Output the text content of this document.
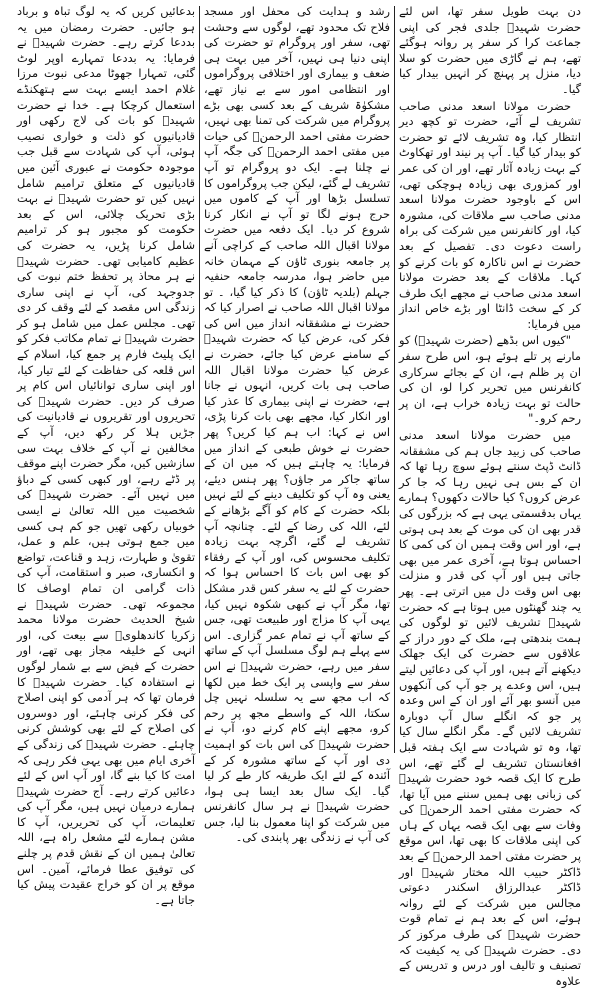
دن بہت طویل سفر تھا، اس لئے حضرت شہیدؒ جلدی فجر کی اپنی جماعت کرا کر سفر پر روانہ ہوگئے تھے، ہم نے گاڑی میں حضرت کو سلا دیا، منزل پر پہنچ کر انہیں بیدار کیا گیا۔

حضرت مولانا اسعد مدنی صاحب تشریف لے آئے، حضرت تو کچھ دیر انتظار کیا، وہ تشریف لائے تو حضرت کو بیدار کیا گیا۔ آپ پر نیند اور تھکاوٹ کے بہت زیادہ آثار تھے، اور ان کی عمر اور کمزوری بھی زیادہ ہوچکی تھی، اس کے باوجود حضرت مولانا اسعد مدنی صاحب سے ملاقات کی، مشورہ کیا، اور کانفرنس میں شرکت کی براہ راست دعوت دی۔ تفصیل کے بعد حضرت نے اس ناکارہ کو بات کرنے کو کہا۔ ملاقات کے بعد حضرت مولانا اسعد مدنی صاحب نے مجھے ایک طرف کر کے سخت ڈانٹا اور بڑے خاص انداز میں فرمایا:

"کیوں اس بڈھے (حضرت شہیدؒ) کو مارنے پر تلے ہوئے ہو، اس طرح سفر ان پر ظلم ہے، ان کے بجائے سرکاری کانفرنس میں تحریر کرا لو، ان کی حالت تو بہت زیادہ خراب ہے، ان پر رحم کرو۔"

میں حضرت مولانا اسعد مدنی صاحب کی زبید جاں ہم کی مشفقانہ ڈانٹ ڈپٹ سنتے ہوئے سوچ رہا تھا کہ ان کے بس ہی نہیں رہا کہ جا کر عرض کروں؟ کیا حالات دکھوں؟ ہمارے یہاں بدقسمتی یہی ہے کہ بزرگوں کی قدر بھی ان کی موت کے بعد ہی ہوتی ہے، اور اس وقت ہمیں ان کی کمی کا احساس ہوتا ہے، آخری عمر میں بھی جاتی ہیں اور آپ کی قدر و منزلت بھی اس وقت دل میں اترتی ہے۔ پھر یہ چند گھنٹوں میں ہوتا ہے کہ حضرت شہیدؒ تشریف لائیں تو لوگوں کی ہمت بندھتی ہے، ملک کے دور دراز کے علاقوں سے حضرت کی ایک جھلک دیکھنے آتے ہیں، اور آپ کی دعائیں لیتے ہیں، اس وعدے پر جو آپ کی آنکھوں میں آنسو بھر آئے اور ان کے اس وعدہ پر جو کہ انگلے سال آپ دوبارہ تشریف لائیں گے۔ مگر انگلے سال کیا تھا، وہ تو شہادت سے ایک ہفتہ قبل افغانستان تشریف لے گئے تھے، اس طرح کا ایک قصہ خود حضرت شہیدؒ کی زبانی بھی ہمیں سننے میں آیا تھا، کہ حضرت مفتی احمد الرحمنؒ کی وفات سے بھی ایک قصہ یہاں کے ہاں کی اپنی ملاقات کا بھی تھا، اس موقع پر حضرت مفتی احمد الرحمنؒ کے بعد ڈاکٹر حبیب اللہ مختار شہیدؒ اور ڈاکٹر عبدالرزاق اسکندر دعوتی مجالس میں شرکت کے لئے روانہ ہوئے، اس کے بعد ہم نے تمام قوت حضرت شہیدؒ کی طرف مرکوز کر دی۔ حضرت شہیدؒ کی یہ کیفیت کہ تصنیف و تالیف اور درس و تدریس کے علاوہ

رشد و ہدایت کی محفل اور مسجد فلاح تک محدود تھے، لوگوں سے وحشت تھی، سفر اور پروگرام تو حضرت کی اپنی دنیا ہی نہیں، آخر میں بہت ہی ضعف و بیماری اور اختلافی پروگراموں اور انتظامی امور سے بے نیاز تھے، مشکوٰۃ شریف کے بعد کسی بھی بڑے پروگرام میں شرکت کی تمنا بھی نہیں، حضرت مفتی احمد الرحمنؒ کی حیات میں مفتی احمد الرحمنؒ کی جگہ آپ نے چلنا ہے۔ ایک دو پروگرام تو آپ تشریف لے گئے، لیکن جب پروگراموں کا تسلسل بڑھا اور آپ کے کاموں میں حرج ہونے لگا تو آپ نے انکار کرنا شروع کر دیا۔ ایک دفعہ میں حضرت مولانا اقبال اللہ صاحب کے کراچی آنے پر جامعہ بنوری ٹاؤن کے مہمان خانہ میں حاضر ہوا، مدرسہ جامعہ حنفیہ جہلم (بلدیہ ٹاؤن) کا ذکر کیا گیا، ۔ تو مولانا اقبال اللہ صاحب نے اصرار کیا کہ حضرت نے مشفقانہ انداز میں اس کی فکر کی، عرض کیا کہ حضرت شہیدؒ کے سامنے عرض کیا جائے، حضرت نے عرض کیا حضرت مولانا اقبال اللہ صاحب ہی بات کریں، انہوں نے جانا ہے، حضرت نے اپنی بیماری کا عذر کیا اور انکار کیا، مجھے بھی بات کرنا پڑی، اس نے کہا: اب ہم کیا کریں؟ پھر حضرت نے خوش طبعی کے انداز میں فرمایا: یہ چاہتے ہیں کہ میں ان کے ساتھ جاکر مر جاؤں؟ پھر ہنس دیئے، یعنی وہ آپ کو تکلیف دینے کے لئے نہیں بلکہ حضرت کے کام کو آگے بڑھانے کے لئے، اللہ کی رضا کے لئے۔ چنانچہ آپ تشریف لے گئے، اگرچہ بہت زیادہ تکلیف محسوس کی، اور آپ کے رفقاء کو بھی اس بات کا احساس ہوا کہ حضرت کے لئے یہ سفر کس قدر مشکل تھا، مگر آپ نے کبھی شکوہ نہیں کیا، یہی آپ کا مزاج اور طبیعت تھی، جس کے ساتھ آپ نے تمام عمر گزاری۔ اس سے پہلے ہم لوگ مسلسل آپ کے ساتھ سفر میں رہے، حضرت شہیدؒ نے اس سفر سے واپسی پر ایک خط میں لکھا کہ اب مجھ سے یہ سلسلہ نہیں چل سکتا، اللہ کے واسطے مجھ پر رحم کرو، مجھے اپنے کام کرنے دو، آپ نے حضرت شہیدؒ کی اس بات کو اہمیت دی اور آپ کے ساتھ مشورہ کر کے آئندہ کے لئے ایک طریقہ کار طے کر لیا گیا۔ ایک سال بعد ایسا ہی ہوا، حضرت شہیدؒ نے ہر سال کانفرنس میں شرکت کو اپنا معمول بنا لیا، جس کی آپ نے زندگی بھر پابندی کی۔

بدعائیں کریں کہ یہ لوگ تباہ و برباد ہو جائیں۔ حضرت رمضان میں یہ بددعا کرتے رہے۔ حضرت شہیدؒ نے فرمایا: یہ بددعا تمہارے اوپر لوٹ گئی، تمہارا جھوٹا مدعی نبوت مرزا غلام احمد ایسے بہت سے ہتھکنڈے استعمال کرچکا ہے۔ خدا نے حضرت شہیدؒ کو بات کی لاج رکھی اور قادیانیوں کو ذلت و خواری نصیب ہوئی، آپ کی شہادت سے قبل جب موجودہ حکومت نے عبوری آئین میں قادیانیوں کے متعلق ترامیم شامل نہیں کیں تو حضرت شہیدؒ نے بہت بڑی تحریک چلائی، اس کے بعد حکومت کو مجبور ہو کر ترامیم شامل کرنا پڑیں، یہ حضرت کی عظیم کامیابی تھی۔ حضرت شہیدؒ نے ہر محاذ پر تحفظ ختم نبوت کی جدوجہد کی، آپ نے اپنی ساری زندگی اس مقصد کے لئے وقف کر دی تھی۔ مجلس عمل میں شامل ہو کر حضرت شہیدؒ نے تمام مکاتب فکر کو ایک پلیٹ فارم پر جمع کیا، اسلام کے اس قلعہ کی حفاظت کے لئے تیار کیا، اور اپنی ساری توانائیاں اس کام پر صرف کر دیں۔ حضرت شہیدؒ کی تحریروں اور تقریروں نے قادیانیت کی جڑیں ہلا کر رکھ دیں، آپ کے مخالفین نے آپ کے خلاف بہت سی سازشیں کیں، مگر حضرت اپنے موقف پر ڈٹے رہے، اور کبھی کسی کے دباؤ میں نہیں آئے۔ حضرت شہیدؒ کی شخصیت میں اللہ تعالیٰ نے ایسی خوبیاں رکھی تھیں جو کم ہی کسی میں جمع ہوتی ہیں، علم و عمل، تقویٰ و طہارت، زہد و قناعت، تواضع و انکساری، صبر و استقامت، آپ کی ذات گرامی ان تمام اوصاف کا مجموعہ تھی۔ حضرت شہیدؒ نے شیخ الحدیث حضرت مولانا محمد زکریا کاندھلویؒ سے بیعت کی، اور انہی کے خلیفہ مجاز بھی تھے، اور حضرت کے فیض سے بے شمار لوگوں نے استفادہ کیا۔ حضرت شہیدؒ کا فرمان تھا کہ ہر آدمی کو اپنی اصلاح کی فکر کرنی چاہئے، اور دوسروں کی اصلاح کے لئے بھی کوشش کرنی چاہئے۔ حضرت شہیدؒ کی زندگی کے آخری ایام میں بھی یہی فکر رہی کہ امت کا کیا بنے گا، اور آپ اس کے لئے دعائیں کرتے رہے۔ آج حضرت شہیدؒ ہمارے درمیان نہیں ہیں، مگر آپ کی تعلیمات، آپ کی تحریریں، آپ کا مشن ہمارے لئے مشعل راہ ہے، اللہ تعالیٰ ہمیں ان کے نقش قدم پر چلنے کی توفیق عطا فرمائے، آمین۔ اس موقع پر ان کو خراج عقیدت پیش کیا جاتا ہے۔
